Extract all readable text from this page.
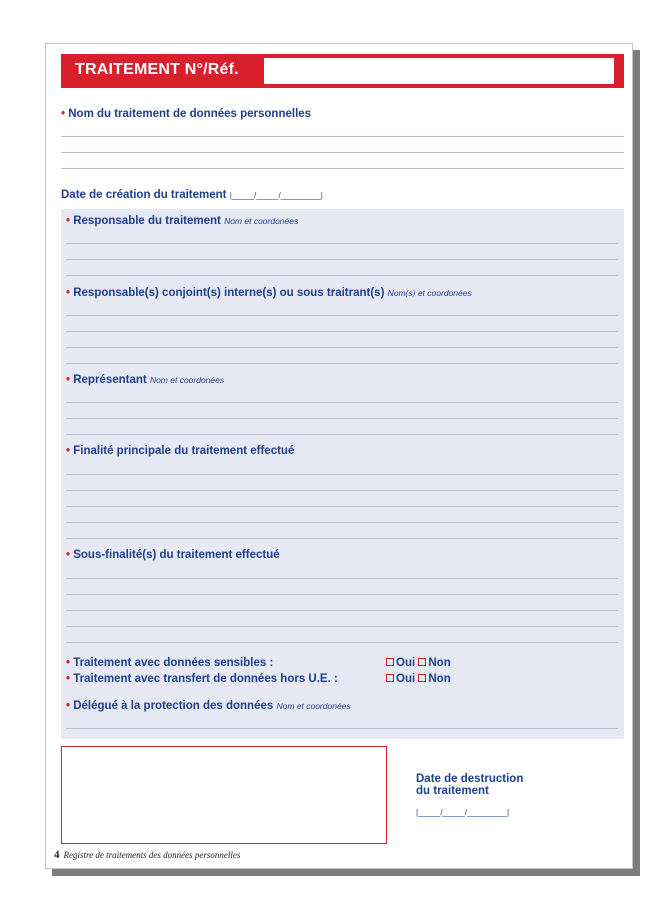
TRAITEMENT N°/Réf.
• Nom du traitement de données personnelles
Date de création du traitement |_____/_____/_________|
• Responsable du traitement Nom et coordonées
• Responsable(s) conjoint(s) interne(s) ou sous traitrant(s) Nom(s) et coordonées
• Représentant Nom et coordonées
• Finalité principale du traitement effectué
• Sous-finalité(s) du traitement effectué
• Traitement avec données sensibles :	Oui Non
• Traitement avec transfert de données hors U.E. :	Oui Non
• Délégué à la protection des données Nom et coordonées
Date de destruction
du traitement
|_____/_____/_________|
4 Registre de traitements des données personnelles
